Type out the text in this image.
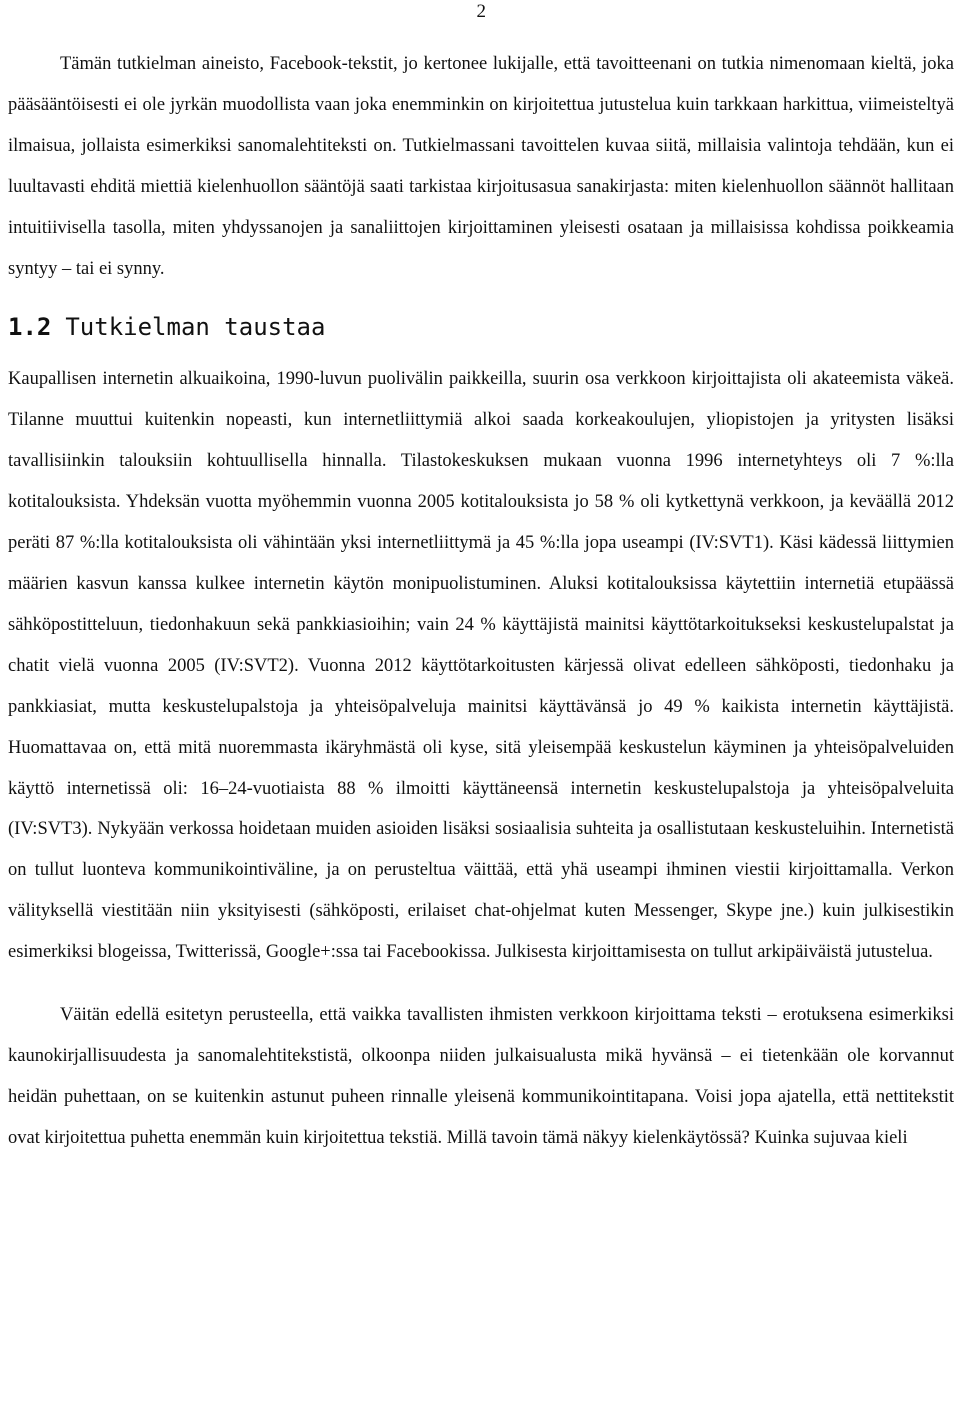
2

Tämän tutkielman aineisto, Facebook-tekstit, jo kertonee lukijalle, että tavoitteenani on tutkia nimenomaan kieltä, joka pääsääntöisesti ei ole jyrkän muodollista vaan joka enemminkin on kirjoitettua jutustelua kuin tarkkaan harkittua, viimeisteltyä ilmaisua, jollaista esimerkiksi sanomalehtiteksti on. Tutkielmassani tavoittelen kuvaa siitä, millaisia valintoja tehdään, kun ei luultavasti ehditä miettiä kielenhuollon sääntöjä saati tarkistaa kirjoitusasua sanakirjasta: miten kielenhuollon säännöt hallitaan intuitiivisella tasolla, miten yhdyssanojen ja sanaliittojen kirjoittaminen yleisesti osataan ja millaisissa kohdissa poikkeamia syntyy – tai ei synny.

1.2 Tutkielman taustaa

Kaupallisen internetin alkuaikoina, 1990-luvun puolivälin paikkeilla, suurin osa verkkoon kirjoittajista oli akateemista väkeä. Tilanne muuttui kuitenkin nopeasti, kun internetliittymiä alkoi saada korkeakoulujen, yliopistojen ja yritysten lisäksi tavallisiinkin talouksiin kohtuullisella hinnalla. Tilastokeskuksen mukaan vuonna 1996 internetyhteys oli 7 %:lla kotitalouksista. Yhdeksän vuotta myöhemmin vuonna 2005 kotitalouksista jo 58 % oli kytkettynä verkkoon, ja keväällä 2012 peräti 87 %:lla kotitalouksista oli vähintään yksi internetliittymä ja 45 %:lla jopa useampi (IV:SVT1). Käsi kädessä liittymien määrien kasvun kanssa kulkee internetin käytön monipuolistuminen. Aluksi kotitalouksissa käytettiin internetiä etupäässä sähköpostitteluun, tiedonhakuun sekä pankkiasioihin; vain 24 % käyttäjistä mainitsi käyttötarkoitukseksi keskustelupalstat ja chatit vielä vuonna 2005 (IV:SVT2). Vuonna 2012 käyttötarkoitusten kärjessä olivat edelleen sähköposti, tiedonhaku ja pankkiasiat, mutta keskustelupalstoja ja yhteisöpalveluja mainitsi käyttävänsä jo 49 % kaikista internetin käyttäjistä. Huomattavaa on, että mitä nuoremmasta ikäryhmästä oli kyse, sitä yleisempää keskustelun käyminen ja yhteisöpalveluiden käyttö internetissä oli: 16–24-vuotiaista 88 % ilmoitti käyttäneensä internetin keskustelupalstoja ja yhteisöpalveluita (IV:SVT3). Nykyään verkossa hoidetaan muiden asioiden lisäksi sosiaalisia suhteita ja osallistutaan keskusteluihin. Internetistä on tullut luonteva kommunikointiväline, ja on perusteltua väittää, että yhä useampi ihminen viestii kirjoittamalla. Verkon välityksellä viestitään niin yksityisesti (sähköposti, erilaiset chat-ohjelmat kuten Messenger, Skype jne.) kuin julkisestikin esimerkiksi blogeissa, Twitterissä, Google+:ssa tai Facebookissa. Julkisesta kirjoittamisesta on tullut arkipäiväistä jutustelua.

Väitän edellä esitetyn perusteella, että vaikka tavallisten ihmisten verkkoon kirjoittama teksti – erotuksena esimerkiksi kaunokirjallisuudesta ja sanomalehtitekstistä, olkoonpa niiden julkaisualusta mikä hyvänsä – ei tietenkään ole korvannut heidän puhettaan, on se kuitenkin astunut puheen rinnalle yleisenä kommunikointitapana. Voisi jopa ajatella, että nettitekstit ovat kirjoitettua puhetta enemmän kuin kirjoitettua tekstiä. Millä tavoin tämä näkyy kielenkäytössä? Kuinka sujuvaa kieli
